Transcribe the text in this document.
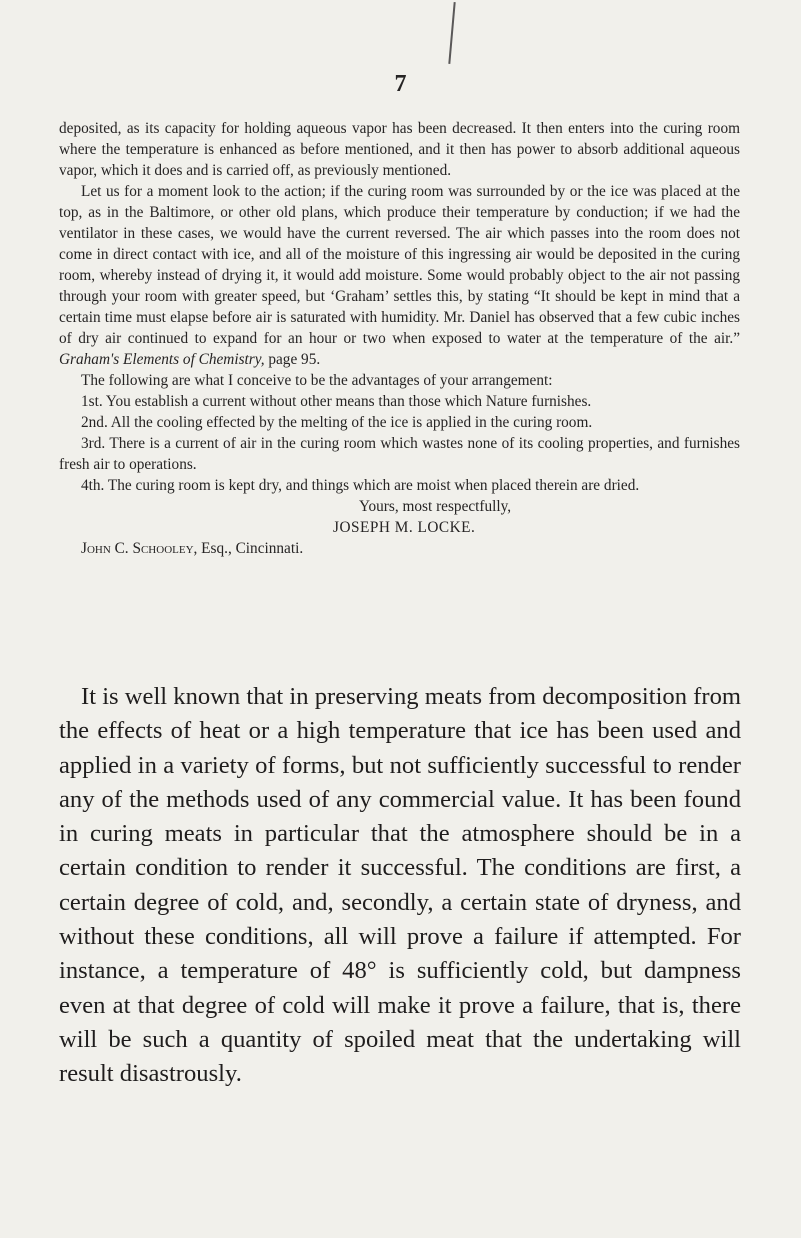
7

deposited, as its capacity for holding aqueous vapor has been decreased. It then enters into the curing room where the temperature is enhanced as before mentioned, and it then has power to absorb additional aqueous vapor, which it does and is carried off, as previously mentioned.

Let us for a moment look to the action; if the curing room was surrounded by or the ice was placed at the top, as in the Baltimore, or other old plans, which produce their temperature by conduction; if we had the ventilator in these cases, we would have the current reversed. The air which passes into the room does not come in direct contact with ice, and all of the moisture of this ingressing air would be deposited in the curing room, whereby instead of drying it, it would add moisture. Some would probably object to the air not passing through your room with greater speed, but ‘Graham’ settles this, by stating “It should be kept in mind that a certain time must elapse before air is saturated with humidity. Mr. Daniel has observed that a few cubic inches of dry air continued to expand for an hour or two when exposed to water at the temperature of the air.” Graham's Elements of Chemistry, page 95.

The following are what I conceive to be the advantages of your arrangement:

1st. You establish a current without other means than those which Nature furnishes.

2nd. All the cooling effected by the melting of the ice is applied in the curing room.

3rd. There is a current of air in the curing room which wastes none of its cooling properties, and furnishes fresh air to operations.

4th. The curing room is kept dry, and things which are moist when placed therein are dried.

Yours, most respectfully,

JOSEPH M. LOCKE.

John C. Schooley, Esq., Cincinnati.

It is well known that in preserving meats from decomposition from the effects of heat or a high temperature that ice has been used and applied in a variety of forms, but not sufficiently successful to render any of the methods used of any commercial value. It has been found in curing meats in particular that the atmosphere should be in a certain condition to render it successful. The conditions are first, a certain degree of cold, and, secondly, a certain state of dryness, and without these conditions, all will prove a failure if attempted. For instance, a temperature of 48° is sufficiently cold, but dampness even at that degree of cold will make it prove a failure, that is, there will be such a quantity of spoiled meat that the undertaking will result disastrously.
